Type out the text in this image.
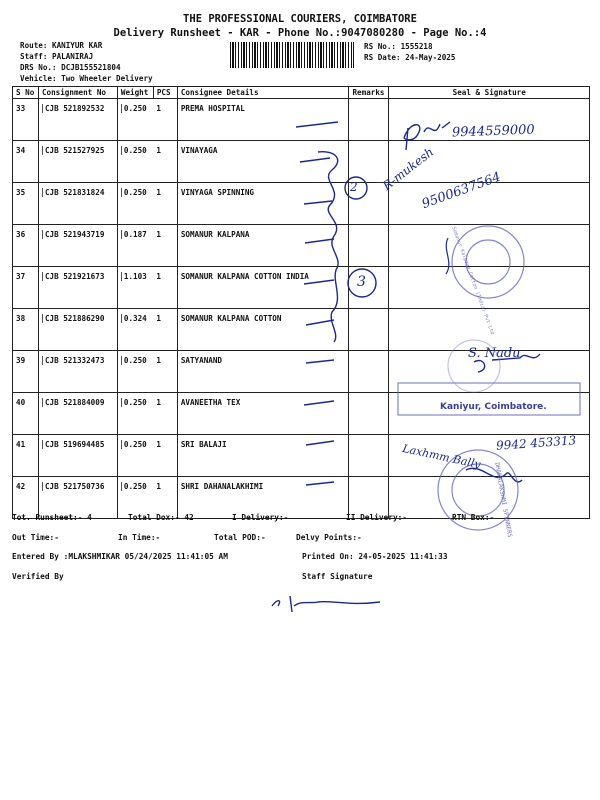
THE PROFESSIONAL COURIERS, COIMBATORE
Delivery Runsheet - KAR - Phone No.:9047080280 - Page No.:4
Route: KANIYUR KAR
Staff: PALANIRAJ
DRS No.: DCJB155521804
Vehicle: Two Wheeler Delivery
RS No.: 1555218
RS Date: 24-May-2025
S No	Consignment No	Weight	PCS	Consignee Details	Remarks	Seal & Signature
33	CJB 521892532	0.250	1	PREMA HOSPITAL		
34	CJB 521527925	0.250	1	VINAYAGA		
35	CJB 521831824	0.250	1	VINYAGA SPINNING		
36	CJB 521943719	0.187	1	SOMANUR KALPANA		
37	CJB 521921673	1.103	1	SOMANUR KALPANA COTTON INDIA		
38	CJB 521886290	0.324	1	SOMANUR KALPANA COTTON		
39	CJB 521332473	0.250	1	SATYANAND		
40	CJB 521884009	0.250	1	AVANEETHA TEX		
41	CJB 519694485	0.250	1	SRI BALAJI		
42	CJB 521750736	0.250	1	SHRI DAHANALAKHIMI		
9944559000
R-mukesh
9500637564
2
3
S. Nadu
9942 453313
Laxhmm Bally
Somanur Kalpana Cotton (India) Pvt Ltd
Kaniyur, Coimbatore.
DHANALAKSHMI SPINNERS
Tot. Runsheet:- 4	Total Dox:- 42	I Delivery:-	II Delivery:-	RTN Box:-
Out Time:-	In Time:-	Total POD:-	Delvy Points:-
Entered By :MLAKSHMIKAR 05/24/2025 11:41:05 AM	Printed On: 24-05-2025 11:41:33
Verified By	Staff Signature
